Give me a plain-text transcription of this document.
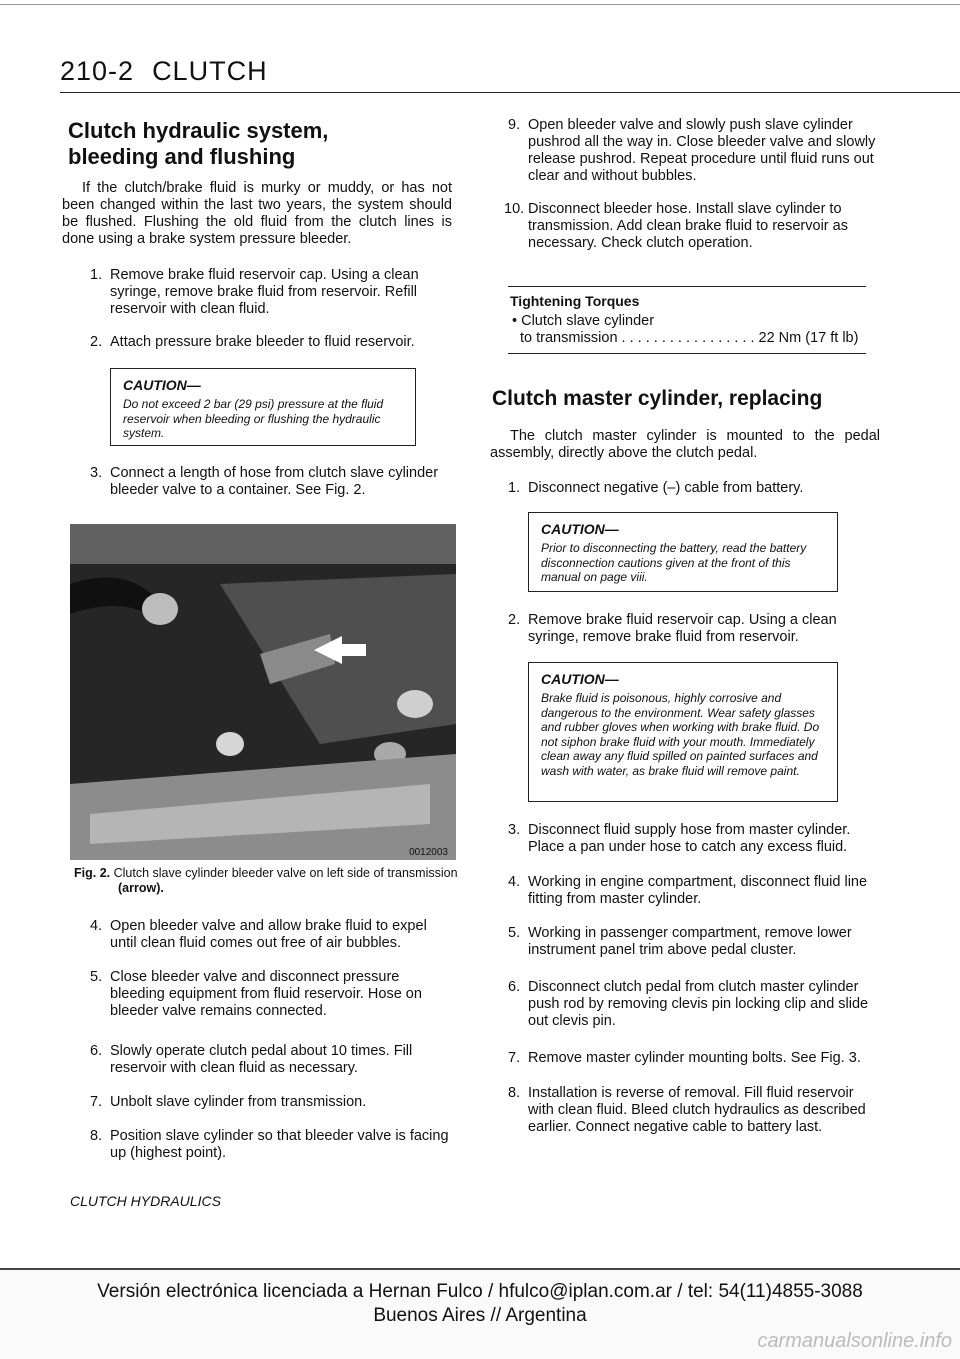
210-2 CLUTCH
Clutch hydraulic system,
bleeding and flushing
If the clutch/brake fluid is murky or muddy, or has not been changed within the last two years, the system should be flushed. Flushing the old fluid from the clutch lines is done using a brake system pressure bleeder.
1. Remove brake fluid reservoir cap. Using a clean syringe, remove brake fluid from reservoir. Refill reservoir with clean fluid.
2. Attach pressure brake bleeder to fluid reservoir.
CAUTION—
Do not exceed 2 bar (29 psi) pressure at the fluid reservoir when bleeding or flushing the hydraulic system.
3. Connect a length of hose from clutch slave cylinder bleeder valve to a container. See Fig. 2.
0012003
Fig. 2. Clutch slave cylinder bleeder valve on left side of transmission
(arrow).
4. Open bleeder valve and allow brake fluid to expel until clean fluid comes out free of air bubbles.
5. Close bleeder valve and disconnect pressure bleeding equipment from fluid reservoir. Hose on bleeder valve remains connected.
6. Slowly operate clutch pedal about 10 times. Fill reservoir with clean fluid as necessary.
7. Unbolt slave cylinder from transmission.
8. Position slave cylinder so that bleeder valve is facing up (highest point).
CLUTCH HYDRAULICS
9. Open bleeder valve and slowly push slave cylinder pushrod all the way in. Close bleeder valve and slowly release pushrod. Repeat procedure until fluid runs out clear and without bubbles.
10. Disconnect bleeder hose. Install slave cylinder to transmission. Add clean brake fluid to reservoir as necessary. Check clutch operation.
Tightening Torques
• Clutch slave cylinder
to transmission . . . . . . . . . . . . . . . . . 22 Nm (17 ft lb)
Clutch master cylinder, replacing
The clutch master cylinder is mounted to the pedal assembly, directly above the clutch pedal.
1. Disconnect negative (–) cable from battery.
CAUTION—
Prior to disconnecting the battery, read the battery disconnection cautions given at the front of this manual on page viii.
2. Remove brake fluid reservoir cap. Using a clean syringe, remove brake fluid from reservoir.
CAUTION—
Brake fluid is poisonous, highly corrosive and dangerous to the environment. Wear safety glasses and rubber gloves when working with brake fluid. Do not siphon brake fluid with your mouth. Immediately clean away any fluid spilled on painted surfaces and wash with water, as brake fluid will remove paint.
3. Disconnect fluid supply hose from master cylinder. Place a pan under hose to catch any excess fluid.
4. Working in engine compartment, disconnect fluid line fitting from master cylinder.
5. Working in passenger compartment, remove lower instrument panel trim above pedal cluster.
6. Disconnect clutch pedal from clutch master cylinder push rod by removing clevis pin locking clip and slide out clevis pin.
7. Remove master cylinder mounting bolts. See Fig. 3.
8. Installation is reverse of removal. Fill fluid reservoir with clean fluid. Bleed clutch hydraulics as described earlier. Connect negative cable to battery last.
Versión electrónica licenciada a Hernan Fulco / hfulco@iplan.com.ar / tel: 54(11)4855-3088
Buenos Aires // Argentina
carmanualsonline.info
